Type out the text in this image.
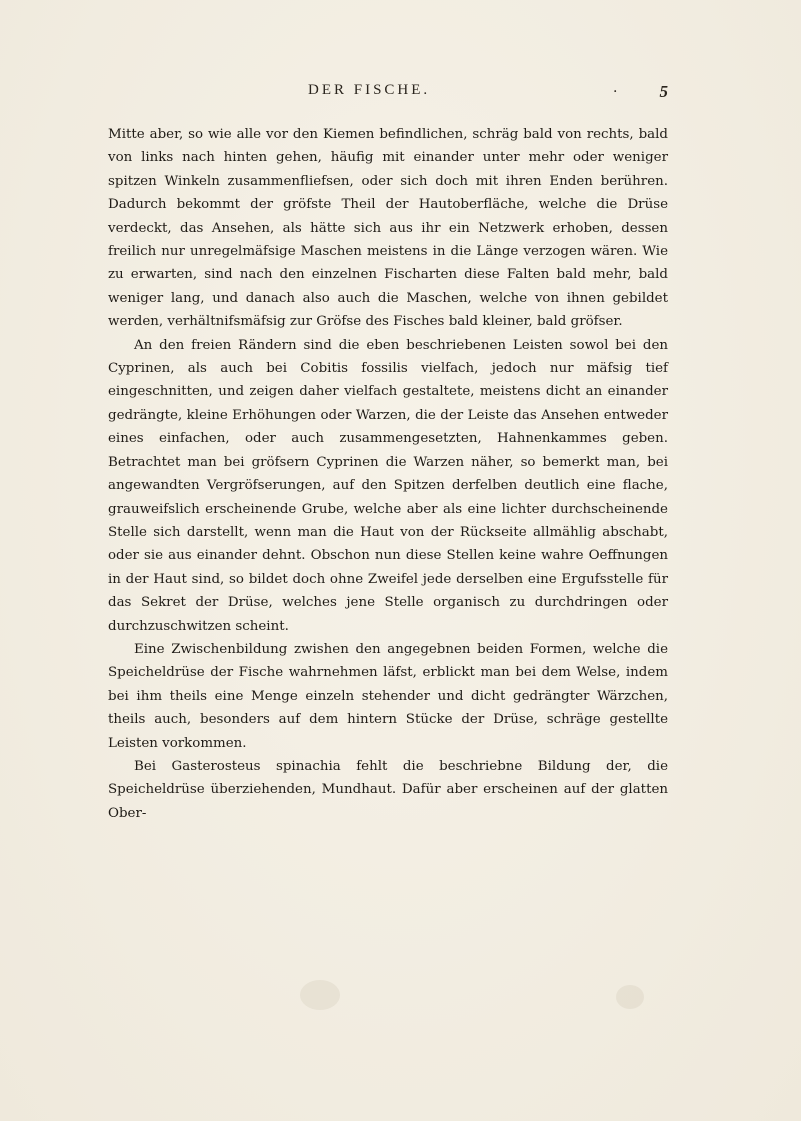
DER FISCHE.	· 5

Mitte aber, so wie alle vor den Kiemen befindlichen, schräg bald von rechts, bald von links nach hinten gehen, häufig mit einander unter mehr oder weniger spitzen Winkeln zusammenfliefsen, oder sich doch mit ihren Enden berühren. Dadurch bekommt der gröfste Theil der Hautoberfläche, welche die Drüse verdeckt, das Ansehen, als hätte sich aus ihr ein Netzwerk erhoben, dessen freilich nur unregelmäfsige Maschen meistens in die Länge verzogen wären. Wie zu erwarten, sind nach den einzelnen Fischarten diese Falten bald mehr, bald weniger lang, und danach also auch die Maschen, welche von ihnen gebildet werden, verhältnifsmäfsig zur Gröfse des Fisches bald kleiner, bald gröfser.

An den freien Rändern sind die eben beschriebenen Leisten sowol bei den Cyprinen, als auch bei Cobitis fossilis vielfach, jedoch nur mäfsig tief eingeschnitten, und zeigen daher vielfach gestaltete, meistens dicht an einander gedrängte, kleine Erhöhungen oder Warzen, die der Leiste das Ansehen entweder eines einfachen, oder auch zusammengesetzten, Hahnenkammes geben. Betrachtet man bei gröfsern Cyprinen die Warzen näher, so bemerkt man, bei angewandten Vergröfserungen, auf den Spitzen derfelben deutlich eine flache, grauweifslich erscheinende Grube, welche aber als eine lichter durchscheinende Stelle sich darstellt, wenn man die Haut von der Rückseite allmählig abschabt, oder sie aus einander dehnt. Obschon nun diese Stellen keine wahre Oeffnungen in der Haut sind, so bildet doch ohne Zweifel jede derselben eine Ergufsstelle für das Sekret der Drüse, welches jene Stelle organisch zu durchdringen oder durchzuschwitzen scheint.

Eine Zwischenbildung zwishen den angegebnen beiden Formen, welche die Speicheldrüse der Fische wahrnehmen läfst, erblickt man bei dem Welse, indem bei ihm theils eine Menge einzeln stehender und dicht gedrängter Wärzchen, theils auch, besonders auf dem hintern Stücke der Drüse, schräge gestellte Leisten vorkommen.

Bei Gasterosteus spinachia fehlt die beschriebne Bildung der, die Speicheldrüse überziehenden, Mundhaut. Dafür aber erscheinen auf der glatten Ober-
